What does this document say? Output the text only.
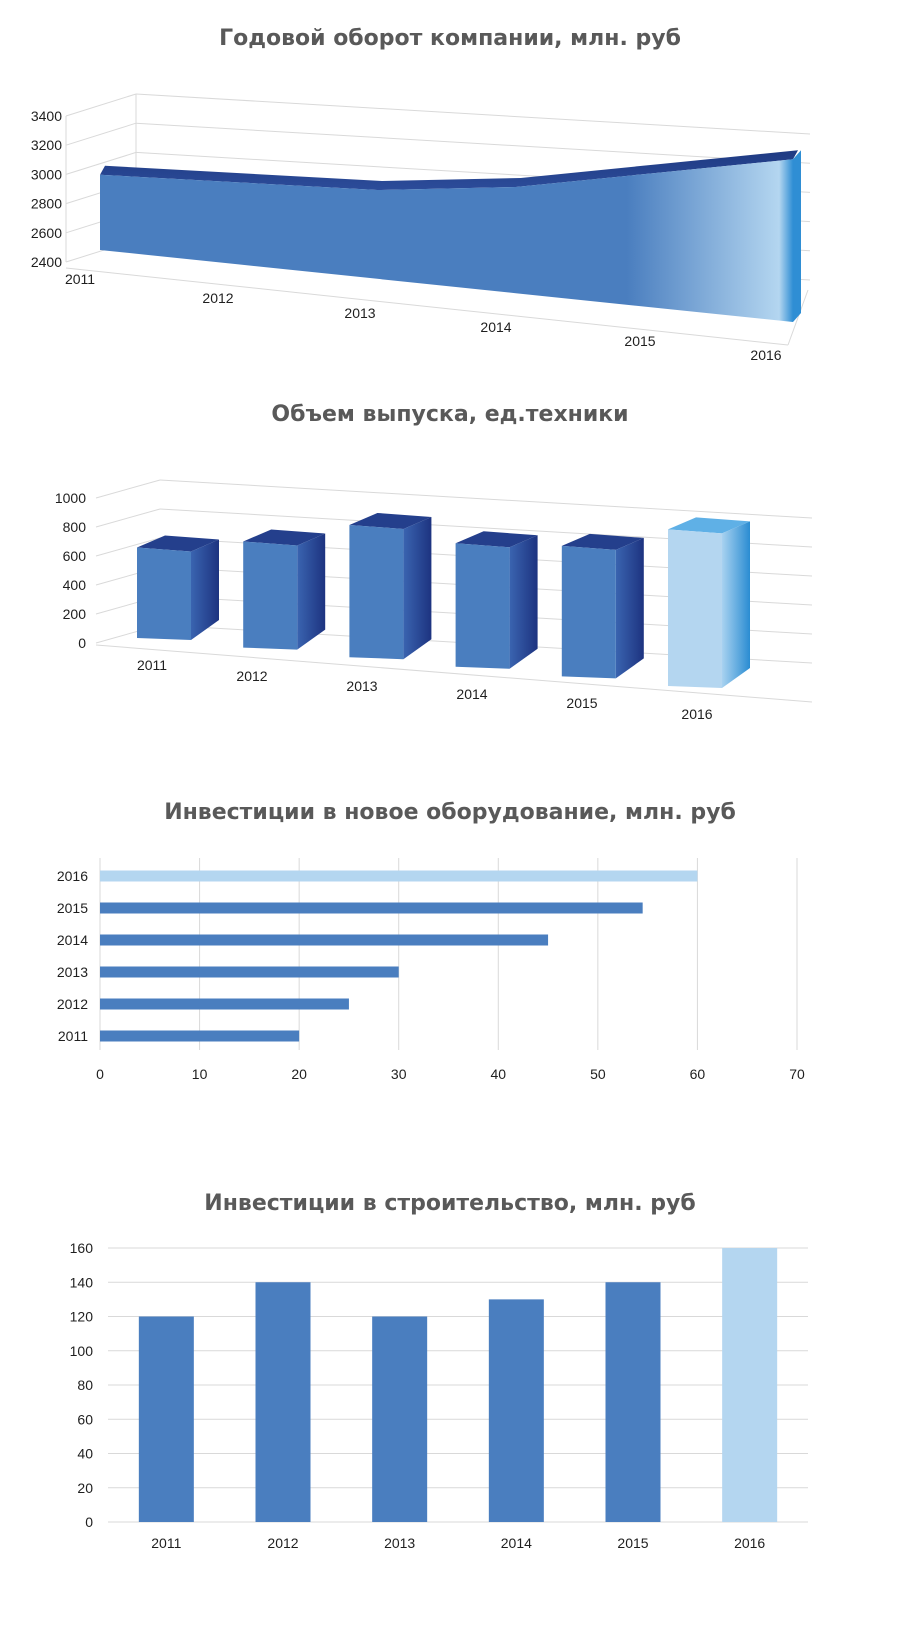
Годовой оборот компании, млн. руб
2400
2600
2800
3000
3200
3400
2011
2012
2013
2014
2015
2016
Объем выпуска, ед.техники
0
200
400
600
800
1000
2011
2012
2013	2014
2015
2016
Инвестиции в новое оборудование, млн. руб
0	10	20	30	40	50	60	70
2011
2012
2013
2014
2015
2016
Инвестиции в строительство, млн. руб
0
20
40
60
80
100
120
140
160
2011	2012	2013	2014	2015	2016
